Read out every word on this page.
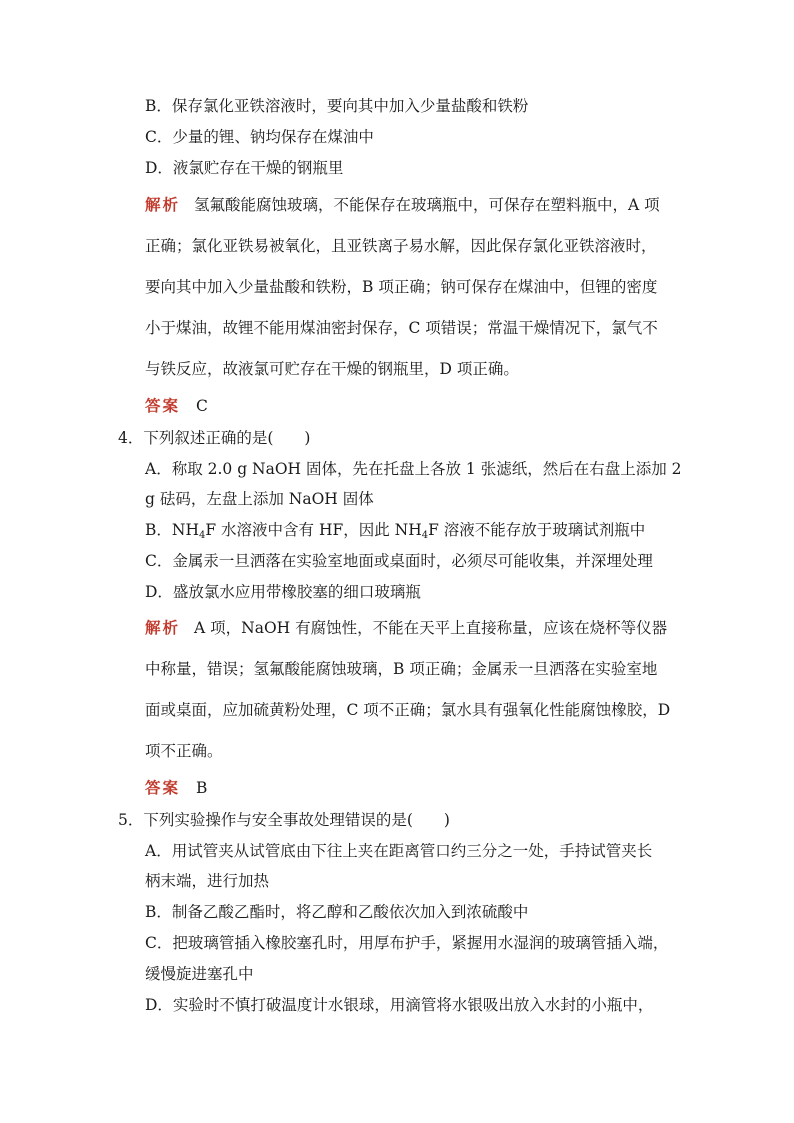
B．保存氯化亚铁溶液时，要向其中加入少量盐酸和铁粉
C．少量的锂、钠均保存在煤油中
D．液氯贮存在干燥的钢瓶里
解析 氢氟酸能腐蚀玻璃，不能保存在玻璃瓶中，可保存在塑料瓶中，A 项
正确；氯化亚铁易被氧化，且亚铁离子易水解，因此保存氯化亚铁溶液时，
要向其中加入少量盐酸和铁粉，B 项正确；钠可保存在煤油中，但锂的密度
小于煤油，故锂不能用煤油密封保存，C 项错误；常温干燥情况下，氯气不
与铁反应，故液氯可贮存在干燥的钢瓶里，D 项正确。
答案 C
4．下列叙述正确的是(　　)
A．称取 2.0 g NaOH 固体，先在托盘上各放 1 张滤纸，然后在右盘上添加 2
g 砝码，左盘上添加 NaOH 固体
B．$NH_4F$ 水溶液中含有 HF，因此 $NH_4F$ 溶液不能存放于玻璃试剂瓶中
C．金属汞一旦洒落在实验室地面或桌面时，必须尽可能收集，并深埋处理
D．盛放氯水应用带橡胶塞的细口玻璃瓶
解析 A 项，NaOH 有腐蚀性，不能在天平上直接称量，应该在烧杯等仪器
中称量，错误；氢氟酸能腐蚀玻璃，B 项正确；金属汞一旦洒落在实验室地
面或桌面，应加硫黄粉处理，C 项不正确；氯水具有强氧化性能腐蚀橡胶，D
项不正确。
答案 B
5．下列实验操作与安全事故处理错误的是(　　)
A．用试管夹从试管底由下往上夹在距离管口约三分之一处，手持试管夹长
柄末端，进行加热
B．制备乙酸乙酯时，将乙醇和乙酸依次加入到浓硫酸中
C．把玻璃管插入橡胶塞孔时，用厚布护手，紧握用水湿润的玻璃管插入端，
缓慢旋进塞孔中
D．实验时不慎打破温度计水银球，用滴管将水银吸出放入水封的小瓶中，
